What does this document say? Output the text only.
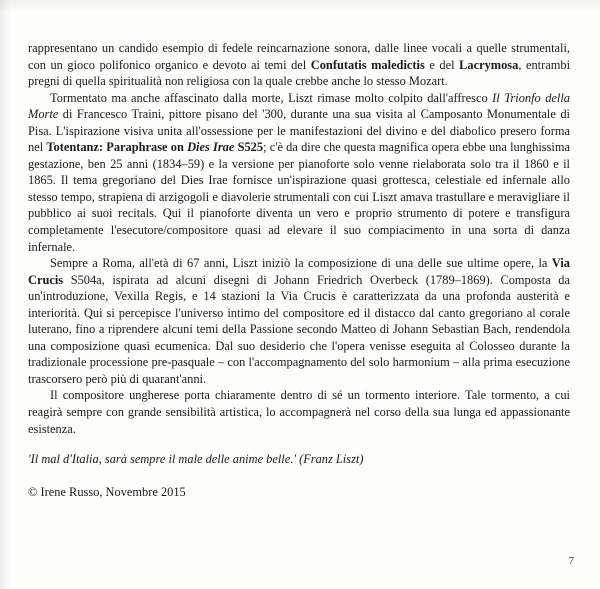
rappresentano un candido esempio di fedele reincarnazione sonora, dalle linee vocali a quelle strumentali, con un gioco polifonico organico e devoto ai temi del Confutatis maledictis e del Lacrymosa, entrambi pregni di quella spiritualità non religiosa con la quale crebbe anche lo stesso Mozart.

Tormentato ma anche affascinato dalla morte, Liszt rimase molto colpito dall'affresco Il Trionfo della Morte di Francesco Traini, pittore pisano del '300, durante una sua visita al Camposanto Monumentale di Pisa. L'ispirazione visiva unita all'ossessione per le manifestazioni del divino e del diabolico presero forma nel Totentanz: Paraphrase on Dies Irae S525; c'è da dire che questa magnifica opera ebbe una lunghissima gestazione, ben 25 anni (1834–59) e la versione per pianoforte solo venne rielaborata solo tra il 1860 e il 1865. Il tema gregoriano del Dies Irae fornisce un'ispirazione quasi grottesca, celestiale ed infernale allo stesso tempo, strapiena di arzigogoli e diavolerie strumentali con cui Liszt amava trastullare e meravigliare il pubblico ai suoi recitals. Qui il pianoforte diventa un vero e proprio strumento di potere e transfigura completamente l'esecutore/compositore quasi ad elevare il suo compiacimento in una sorta di danza infernale.

Sempre a Roma, all'età di 67 anni, Liszt iniziò la composizione di una delle sue ultime opere, la Via Crucis S504a, ispirata ad alcuni disegni di Johann Friedrich Overbeck (1789–1869). Composta da un'introduzione, Vexilla Regis, e 14 stazioni la Via Crucis è caratterizzata da una profonda austerità e interiorità. Qui si percepisce l'universo intimo del compositore ed il distacco dal canto gregoriano al corale luterano, fino a riprendere alcuni temi della Passione secondo Matteo di Johann Sebastian Bach, rendendola una composizione quasi ecumenica. Dal suo desiderio che l'opera venisse eseguita al Colosseo durante la tradizionale processione pre-pasquale – con l'accompagnamento del solo harmonium – alla prima esecuzione trascorsero però più di quarant'anni.

Il compositore ungherese porta chiaramente dentro di sé un tormento interiore. Tale tormento, a cui reagirà sempre con grande sensibilità artistica, lo accompagnerà nel corso della sua lunga ed appassionante esistenza.

'Il mal d'Italia, sarà sempre il male delle anime belle.' (Franz Liszt)

© Irene Russo, Novembre 2015

7
